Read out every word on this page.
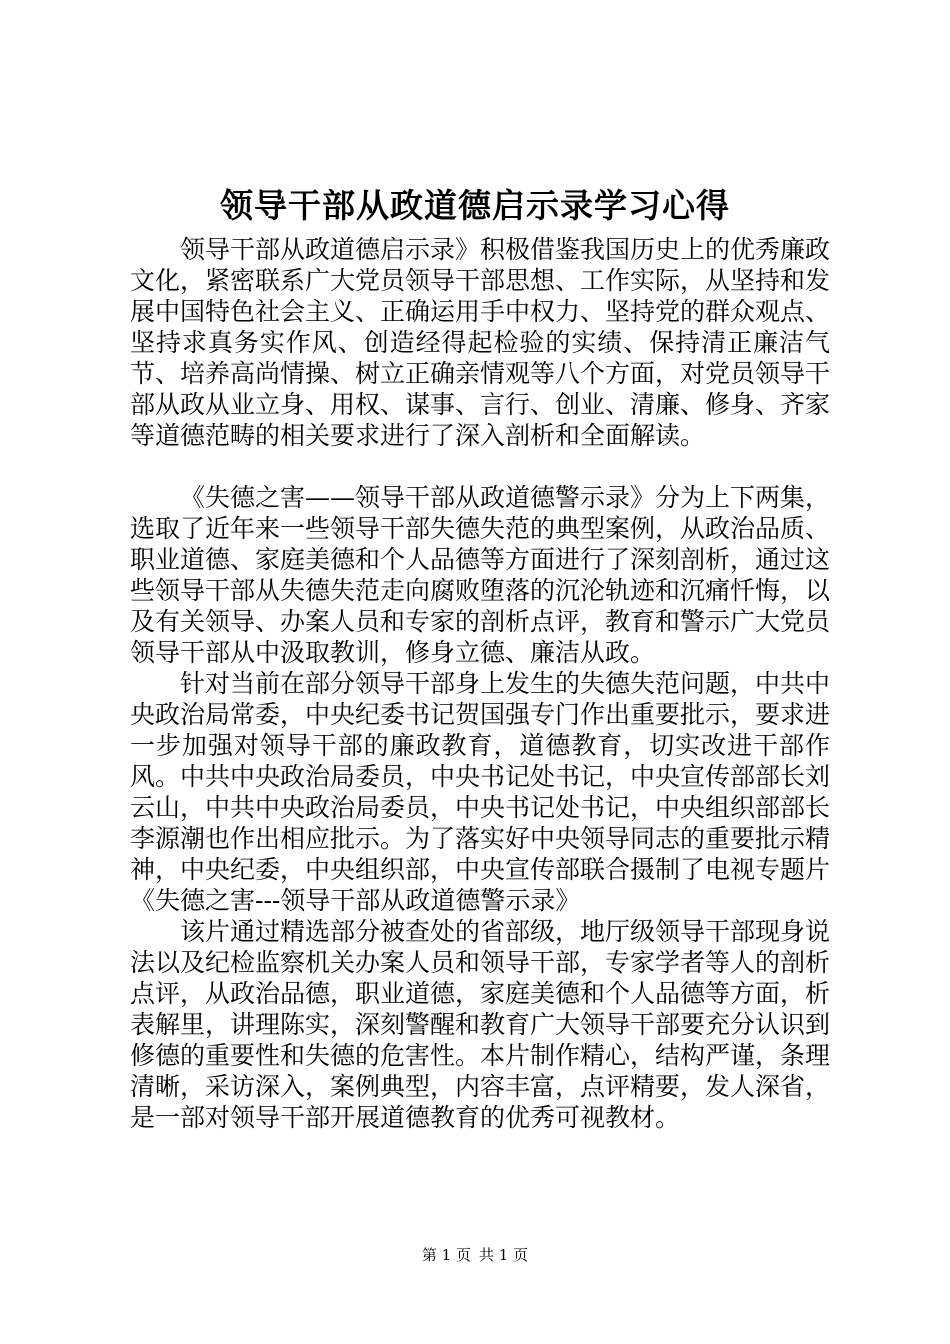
领导干部从政道德启示录学习心得

领导干部从政道德启示录》积极借鉴我国历史上的优秀廉政文化，紧密联系广大党员领导干部思想、工作实际，从坚持和发展中国特色社会主义、正确运用手中权力、坚持党的群众观点、坚持求真务实作风、创造经得起检验的实绩、保持清正廉洁气节、培养高尚情操、树立正确亲情观等八个方面，对党员领导干部从政从业立身、用权、谋事、言行、创业、清廉、修身、齐家等道德范畴的相关要求进行了深入剖析和全面解读。

《失德之害——领导干部从政道德警示录》分为上下两集，选取了近年来一些领导干部失德失范的典型案例，从政治品质、职业道德、家庭美德和个人品德等方面进行了深刻剖析，通过这些领导干部从失德失范走向腐败堕落的沉沦轨迹和沉痛忏悔，以及有关领导、办案人员和专家的剖析点评，教育和警示广大党员领导干部从中汲取教训，修身立德、廉洁从政。

针对当前在部分领导干部身上发生的失德失范问题，中共中央政治局常委，中央纪委书记贺国强专门作出重要批示，要求进一步加强对领导干部的廉政教育，道德教育，切实改进干部作风。中共中央政治局委员，中央书记处书记，中央宣传部部长刘云山，中共中央政治局委员，中央书记处书记，中央组织部部长李源潮也作出相应批示。为了落实好中央领导同志的重要批示精神，中央纪委，中央组织部，中央宣传部联合摄制了电视专题片《失德之害---领导干部从政道德警示录》

该片通过精选部分被查处的省部级，地厅级领导干部现身说法以及纪检监察机关办案人员和领导干部，专家学者等人的剖析点评，从政治品德，职业道德，家庭美德和个人品德等方面，析表解里，讲理陈实，深刻警醒和教育广大领导干部要充分认识到修德的重要性和失德的危害性。本片制作精心，结构严谨，条理清晰，采访深入，案例典型，内容丰富，点评精要，发人深省，是一部对领导干部开展道德教育的优秀可视教材。

第 1 页 共 1 页
